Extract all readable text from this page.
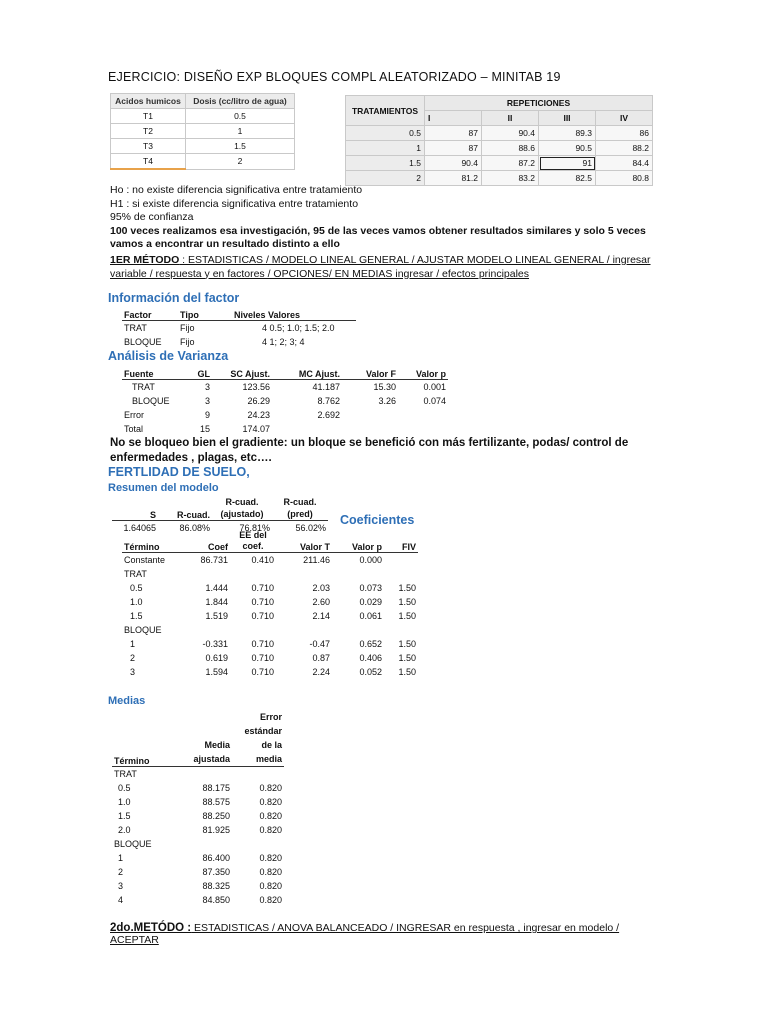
EJERCICIO: DISEÑO EXP BLOQUES COMPL ALEATORIZADO – MINITAB 19
Acidos humicos	Dosis (cc/litro de agua)
T1	0.5
T2	1
T3	1.5
T4	2
TRATAMIENTOS	REPETICIONES			
	I	II	III	IV
0.5	87	90.4	89.3	86
1	87	88.6	90.5	88.2
1.5	90.4	87.2	91	84.4
2	81.2	83.2	82.5	80.8
Ho : no existe diferencia significativa entre tratamiento
H1 : si existe diferencia significativa entre tratamiento
95% de confianza
100 veces realizamos esa investigación, 95 de las veces vamos obtener resultados similares y solo 5 veces vamos a encontrar un resultado distinto a ello
1ER MÉTODO : ESTADISTICAS / MODELO LINEAL GENERAL / AJUSTAR MODELO LINEAL GENERAL / ingresar variable / respuesta y en factores / OPCIONES/ EN MEDIAS ingresar / efectos principales
Información del factor
Factor	Tipo	Niveles Valores
TRAT	Fijo	4 0.5; 1.0; 1.5; 2.0
BLOQUE	Fijo	4 1; 2; 3; 4
Análisis de Varianza
Fuente	GL	SC Ajust.	MC Ajust.	Valor F	Valor p
TRAT	3	123.56	41.187	15.30	0.001
BLOQUE	3	26.29	8.762	3.26	0.074
Error	9	24.23	2.692		
Total	15	174.07			
No se bloqueo bien el gradiente: un bloque se benefició con más fertilizante, podas/ control de enfermedades , plagas, etc….
FERTLIDAD DE SUELO,
Resumen del modelo
S	R-cuad.	R-cuad. (ajustado)	R-cuad. (pred)
1.64065	86.08%	76.81%	56.02%
Coeficientes
Término	Coef	EE del coef.	Valor T	Valor p	FIV
Constante	86.731	0.410	211.46	0.000	
TRAT					
0.5	1.444	0.710	2.03	0.073	1.50
1.0	1.844	0.710	2.60	0.029	1.50
1.5	1.519	0.710	2.14	0.061	1.50
BLOQUE					
1	-0.331	0.710	-0.47	0.652	1.50
2	0.619	0.710	0.87	0.406	1.50
3	1.594	0.710	2.24	0.052	1.50
Medias
Término	Media ajustada	Error estándar de la media
TRAT		
0.5	88.175	0.820
1.0	88.575	0.820
1.5	88.250	0.820
2.0	81.925	0.820
BLOQUE		
1	86.400	0.820
2	87.350	0.820
3	88.325	0.820
4	84.850	0.820
2do.METÓDO : ESTADISTICAS / ANOVA BALANCEADO / INGRESAR en respuesta , ingresar en modelo / ACEPTAR
